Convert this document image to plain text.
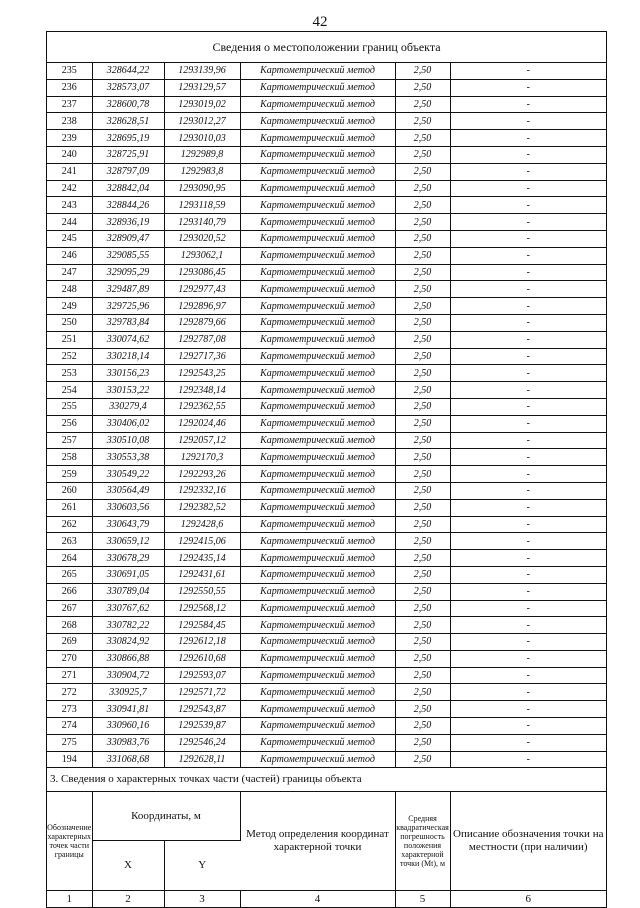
42
Сведения о местоположении границ объекта
235	328644,22	1293139,96	Картометрический метод	2,50	-
236	328573,07	1293129,57	Картометрический метод	2,50	-
237	328600,78	1293019,02	Картометрический метод	2,50	-
238	328628,51	1293012,27	Картометрический метод	2,50	-
239	328695,19	1293010,03	Картометрический метод	2,50	-
240	328725,91	1292989,8	Картометрический метод	2,50	-
241	328797,09	1292983,8	Картометрический метод	2,50	-
242	328842,04	1293090,95	Картометрический метод	2,50	-
243	328844,26	1293118,59	Картометрический метод	2,50	-
244	328936,19	1293140,79	Картометрический метод	2,50	-
245	328909,47	1293020,52	Картометрический метод	2,50	-
246	329085,55	1293062,1	Картометрический метод	2,50	-
247	329095,29	1293086,45	Картометрический метод	2,50	-
248	329487,89	1292977,43	Картометрический метод	2,50	-
249	329725,96	1292896,97	Картометрический метод	2,50	-
250	329783,84	1292879,66	Картометрический метод	2,50	-
251	330074,62	1292787,08	Картометрический метод	2,50	-
252	330218,14	1292717,36	Картометрический метод	2,50	-
253	330156,23	1292543,25	Картометрический метод	2,50	-
254	330153,22	1292348,14	Картометрический метод	2,50	-
255	330279,4	1292362,55	Картометрический метод	2,50	-
256	330406,02	1292024,46	Картометрический метод	2,50	-
257	330510,08	1292057,12	Картометрический метод	2,50	-
258	330553,38	1292170,3	Картометрический метод	2,50	-
259	330549,22	1292293,26	Картометрический метод	2,50	-
260	330564,49	1292332,16	Картометрический метод	2,50	-
261	330603,56	1292382,52	Картометрический метод	2,50	-
262	330643,79	1292428,6	Картометрический метод	2,50	-
263	330659,12	1292415,06	Картометрический метод	2,50	-
264	330678,29	1292435,14	Картометрический метод	2,50	-
265	330691,05	1292431,61	Картометрический метод	2,50	-
266	330789,04	1292550,55	Картометрический метод	2,50	-
267	330767,62	1292568,12	Картометрический метод	2,50	-
268	330782,22	1292584,45	Картометрический метод	2,50	-
269	330824,92	1292612,18	Картометрический метод	2,50	-
270	330866,88	1292610,68	Картометрический метод	2,50	-
271	330904,72	1292593,07	Картометрический метод	2,50	-
272	330925,7	1292571,72	Картометрический метод	2,50	-
273	330941,81	1292543,87	Картометрический метод	2,50	-
274	330960,16	1292539,87	Картометрический метод	2,50	-
275	330983,76	1292546,24	Картометрический метод	2,50	-
194	331068,68	1292628,11	Картометрический метод	2,50	-
3. Сведения о характерных точках части (частей) границы объекта
Обозначение характерных точек части границы	Координаты, м		Метод определения координат характерной точки	Средняя квадратическая погрешность положения характерной точки (Мt), м	Описание обозначения точки на местности (при наличии)
	X	Y			
1	2	3	4	5	6
